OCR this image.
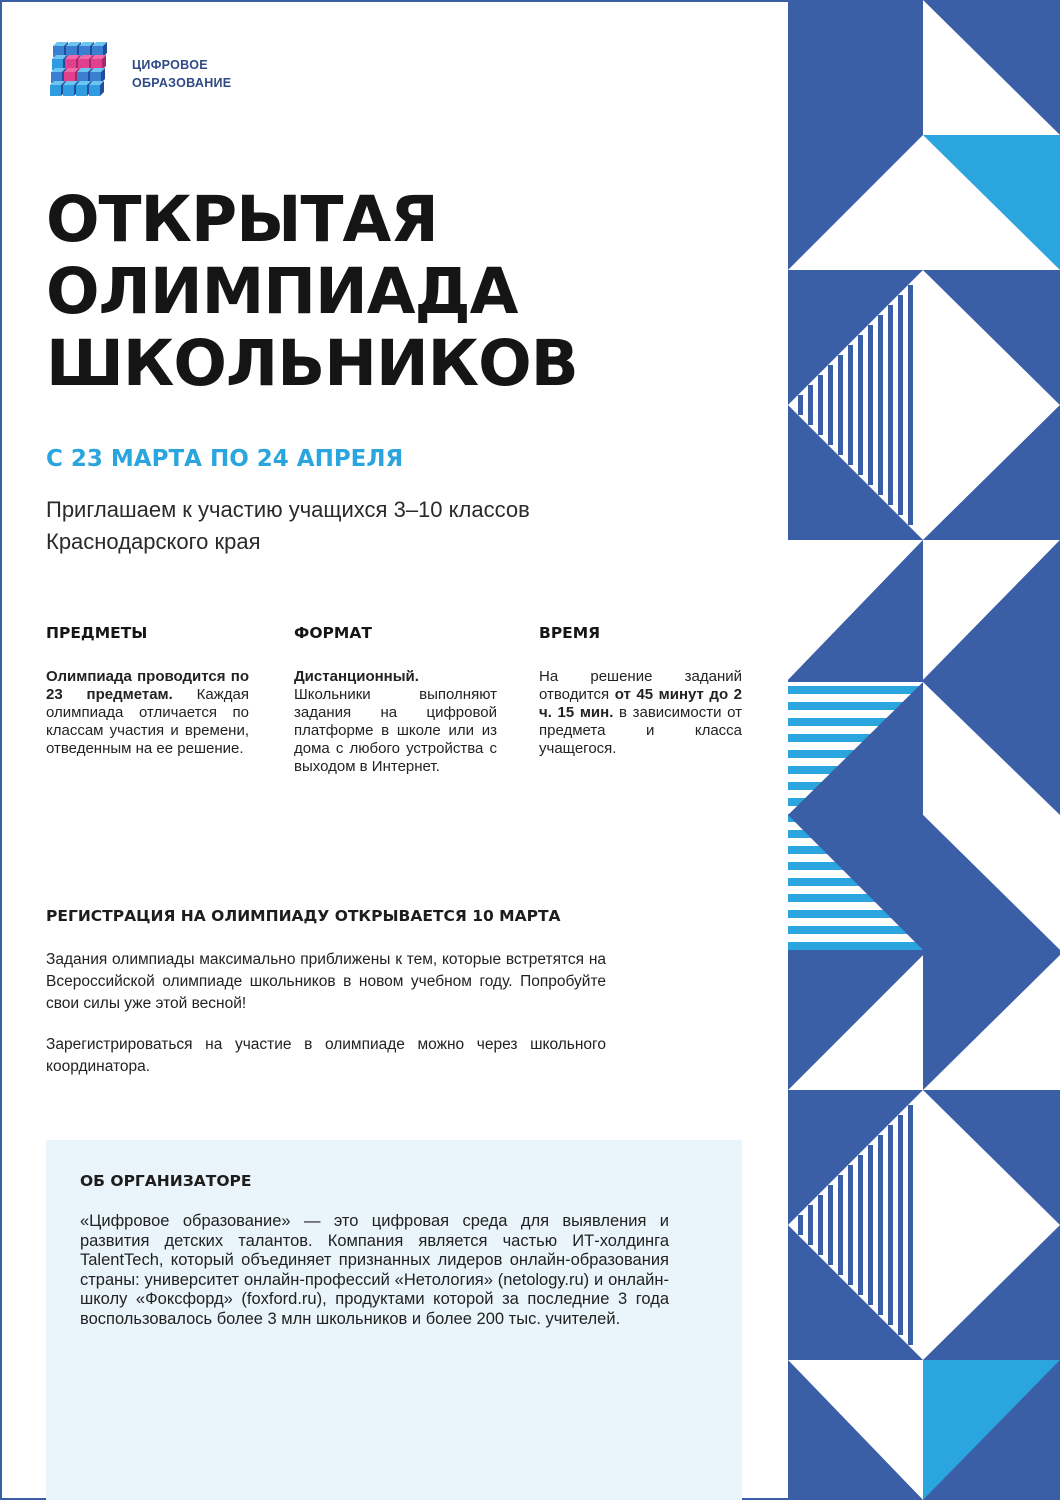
ЦИФРОВОЕ
ОБРАЗОВАНИЕ
ОТКРЫТАЯ
ОЛИМПИАДА
ШКОЛЬНИКОВ
С 23 МАРТА ПО 24 АПРЕЛЯ
Приглашаем к участию учащихся 3–10 классов
Краснодарского края
ПРЕДМЕТЫ
Олимпиада проводится по 23 предметам. Каждая олимпиада отличается по классам участия и времени, отведенным на ее решение.
ФОРМАТ
Дистанционный. Школьники выполняют задания на цифровой платформе в школе или из дома с любого устройства с выходом в Интернет.
ВРЕМЯ
На решение заданий отводится от 45 минут до 2 ч. 15 мин. в зависимости от предмета и класса учащегося.
РЕГИСТРАЦИЯ НА ОЛИМПИАДУ ОТКРЫВАЕТСЯ 10 МАРТА
Задания олимпиады максимально приближены к тем, которые встретятся на Всероссийской олимпиаде школьников в новом учебном году. Попробуйте свои силы уже этой весной!
Зарегистрироваться на участие в олимпиаде можно через школьного координатора.
ОБ ОРГАНИЗАТОРЕ
«Цифровое образование» — это цифровая среда для выявления и развития детских талантов. Компания является частью ИТ-холдинга TalentTech, который объединяет признанных лидеров онлайн-образования страны: университет онлайн-профессий «Нетология» (netology.ru) и онлайн-школу «Фоксфорд» (foxford.ru), продуктами которой за последние 3 года воспользовалось более 3 млн школьников и более 200 тыс. учителей.
